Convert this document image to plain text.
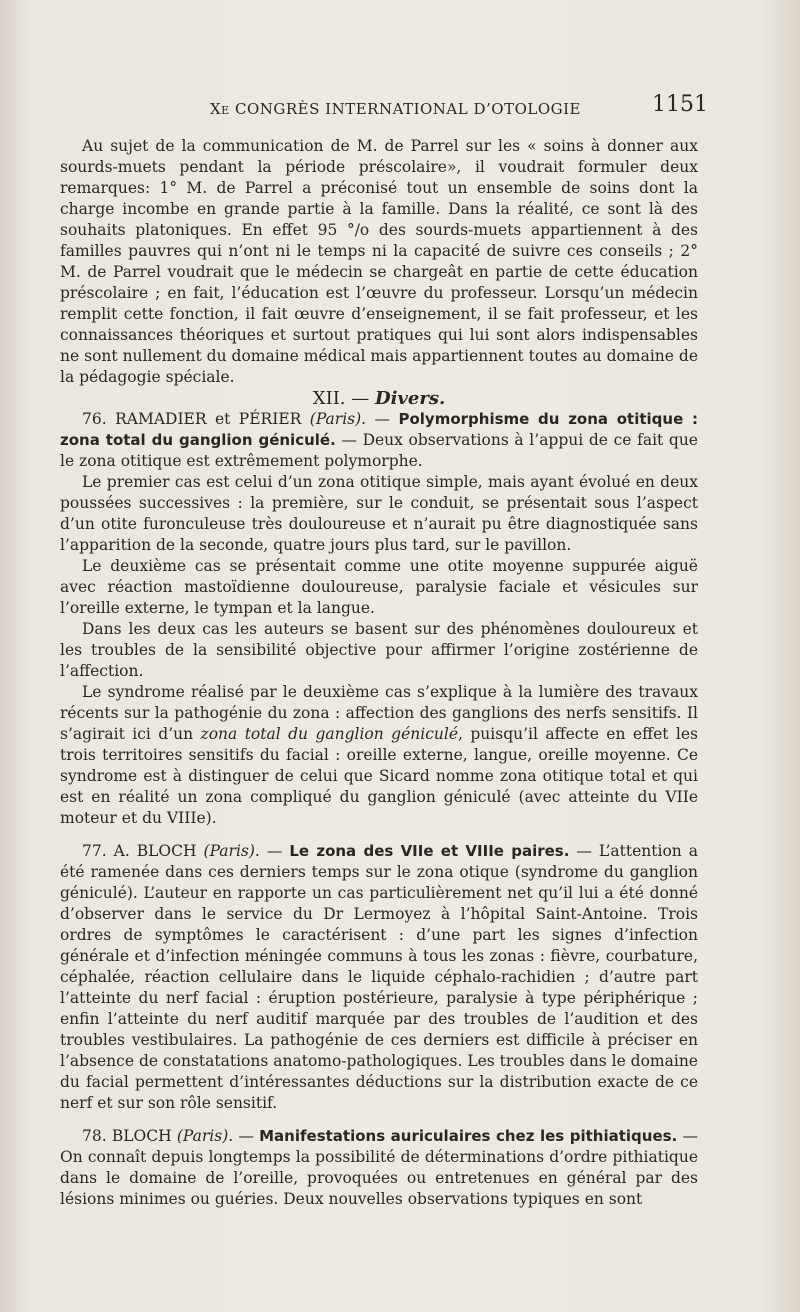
Xe CONGRÈS INTERNATIONAL D’OTOLOGIE	1151

Au sujet de la communication de M. de Parrel sur les « soins à donner aux sourds-muets pendant la période préscolaire», il voudrait formuler deux remarques: 1° M. de Parrel a préconisé tout un ensemble de soins dont la charge incombe en grande partie à la famille. Dans la réalité, ce sont là des souhaits platoniques. En effet 95 °/o des sourds-muets appartiennent à des familles pauvres qui n’ont ni le temps ni la capacité de suivre ces conseils ; 2° M. de Parrel voudrait que le médecin se chargeât en partie de cette éducation préscolaire ; en fait, l’éducation est l’œuvre du professeur. Lorsqu’un médecin remplit cette fonction, il fait œuvre d’enseignement, il se fait professeur, et les connaissances théoriques et surtout pratiques qui lui sont alors indispensables ne sont nullement du domaine médical mais appartiennent toutes au domaine de la pédagogie spéciale.

XII. — Divers.

76. RAMADIER et PÉRIER (Paris). — Polymorphisme du zona otitique : zona total du ganglion géniculé. — Deux observations à l’appui de ce fait que le zona otitique est extrêmement polymorphe.

Le premier cas est celui d’un zona otitique simple, mais ayant évolué en deux poussées successives : la première, sur le conduit, se présentait sous l’aspect d’un otite furonculeuse très douloureuse et n’aurait pu être diagnostiquée sans l’apparition de la seconde, quatre jours plus tard, sur le pavillon.

Le deuxième cas se présentait comme une otite moyenne suppurée aiguë avec réaction mastoïdienne douloureuse, paralysie faciale et vésicules sur l’oreille externe, le tympan et la langue.

Dans les deux cas les auteurs se basent sur des phénomènes douloureux et les troubles de la sensibilité objective pour affirmer l’origine zostérienne de l’affection.

Le syndrome réalisé par le deuxième cas s’explique à la lumière des travaux récents sur la pathogénie du zona : affection des ganglions des nerfs sensitifs. Il s’agirait ici d’un zona total du ganglion géniculé, puisqu’il affecte en effet les trois territoires sensitifs du facial : oreille externe, langue, oreille moyenne. Ce syndrome est à distinguer de celui que Sicard nomme zona otitique total et qui est en réalité un zona compliqué du ganglion géniculé (avec atteinte du VIIe moteur et du VIIIe).

77. A. BLOCH (Paris). — Le zona des VIIe et VIIIe paires. — L’attention a été ramenée dans ces derniers temps sur le zona otique (syndrome du ganglion géniculé). L’auteur en rapporte un cas particulièrement net qu’il lui a été donné d’observer dans le service du Dr Lermoyez à l’hôpital Saint-Antoine. Trois ordres de symptômes le caractérisent : d’une part les signes d’infection générale et d’infection méningée communs à tous les zonas : fièvre, courbature, céphalée, réaction cellulaire dans le liquide céphalo-rachidien ; d’autre part l’atteinte du nerf facial : éruption postérieure, paralysie à type périphérique ; enfin l’atteinte du nerf auditif marquée par des troubles de l’audition et des troubles vestibulaires. La pathogénie de ces derniers est difficile à préciser en l’absence de constatations anatomo-pathologiques. Les troubles dans le domaine du facial permettent d’intéressantes déductions sur la distribution exacte de ce nerf et sur son rôle sensitif.

78. BLOCH (Paris). — Manifestations auriculaires chez les pithiatiques. — On connaît depuis longtemps la possibilité de déterminations d’ordre pithiatique dans le domaine de l’oreille, provoquées ou entretenues en général par des lésions minimes ou guéries. Deux nouvelles observations typiques en sont
